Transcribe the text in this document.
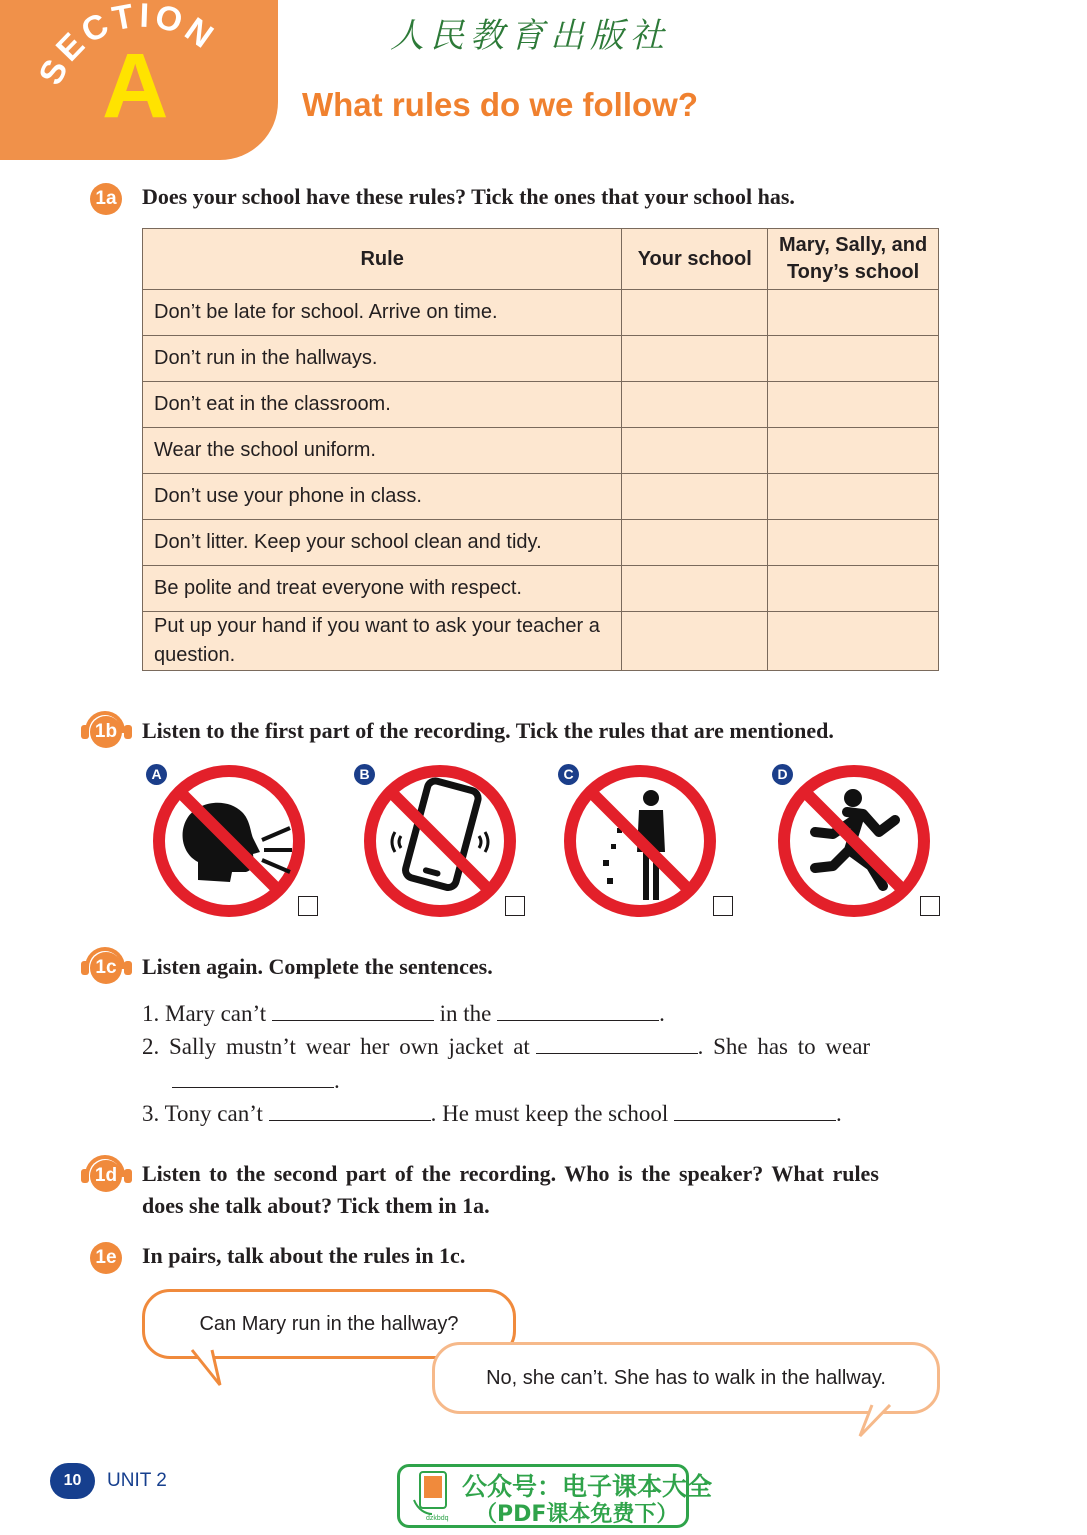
SECTION
A	人民教育出版社
What rules do we follow?
1a Does your school have these rules? Tick the ones that your school has.
Rule	Your school	Mary, Sally, and Tony’s school
Don’t be late for school. Arrive on time.		
Don’t run in the hallways.		
Don’t eat in the classroom.		
Wear the school uniform.		
Don’t use your phone in class.		
Don’t litter. Keep your school clean and tidy.		
Be polite and treat everyone with respect.		
Put up your hand if you want to ask your teacher a question.		
1b Listen to the first part of the recording. Tick the rules that are mentioned.
A	B	C	D
1c Listen again. Complete the sentences.
1. Mary can’t	in the	.
2. Sally mustn’t wear her own jacket at	. She has to wear
.
3. Tony can’t	. He must keep the school	.
1d Listen to the second part of the recording. Who is the speaker? What rules
does she talk about? Tick them in 1a.
1e In pairs, talk about the rules in 1c.
Can Mary run in the hallway?
No, she can’t. She has to walk in the hallway.
10	UNIT 2	公众号：电子课本大全
（PDF课本免费下）
dzkbdq
